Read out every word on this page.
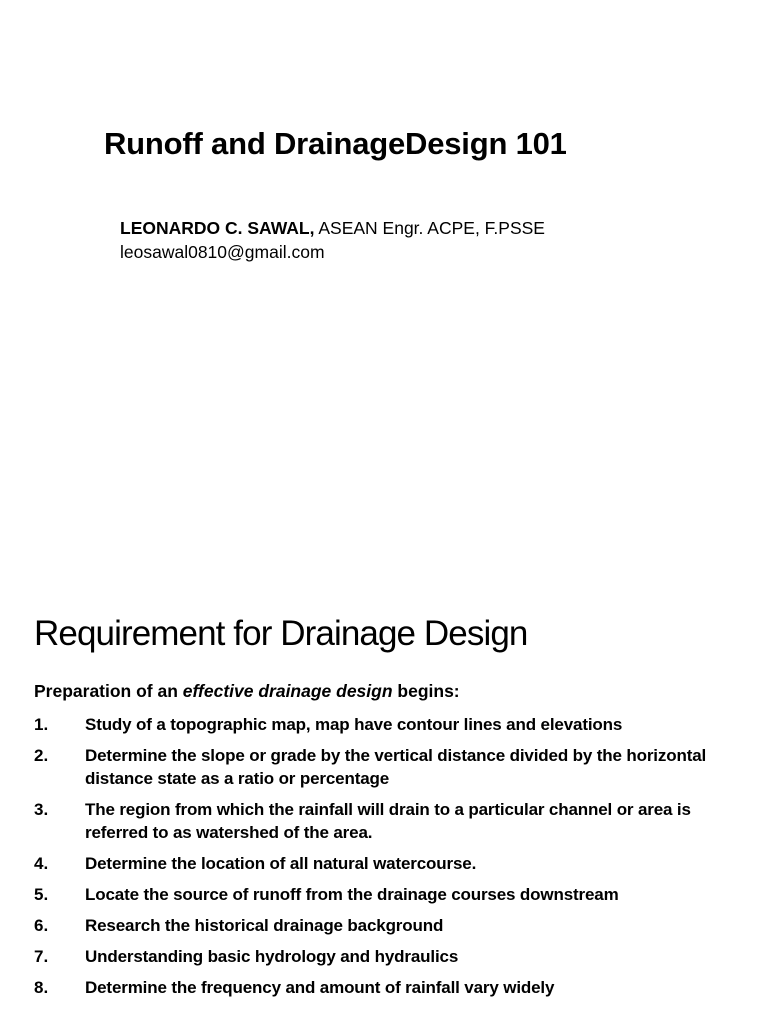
Runoff and DrainageDesign 101
LEONARDO C. SAWAL, ASEAN Engr. ACPE, F.PSSE
leosawal0810@gmail.com
Requirement for Drainage Design
Preparation of an effective drainage design begins:
1.	Study of a topographic map, map have contour lines and elevations
2.	Determine the slope or grade by the vertical distance divided by the horizontal distance state as a ratio or percentage
3.	The region from which the rainfall will drain to a particular channel or area is referred to as watershed of the area.
4.	Determine the location of all natural watercourse.
5.	Locate the source of runoff from the drainage courses downstream
6.	Research the historical drainage background
7.	Understanding basic hydrology and hydraulics
8.	Determine the frequency and amount of rainfall vary widely
